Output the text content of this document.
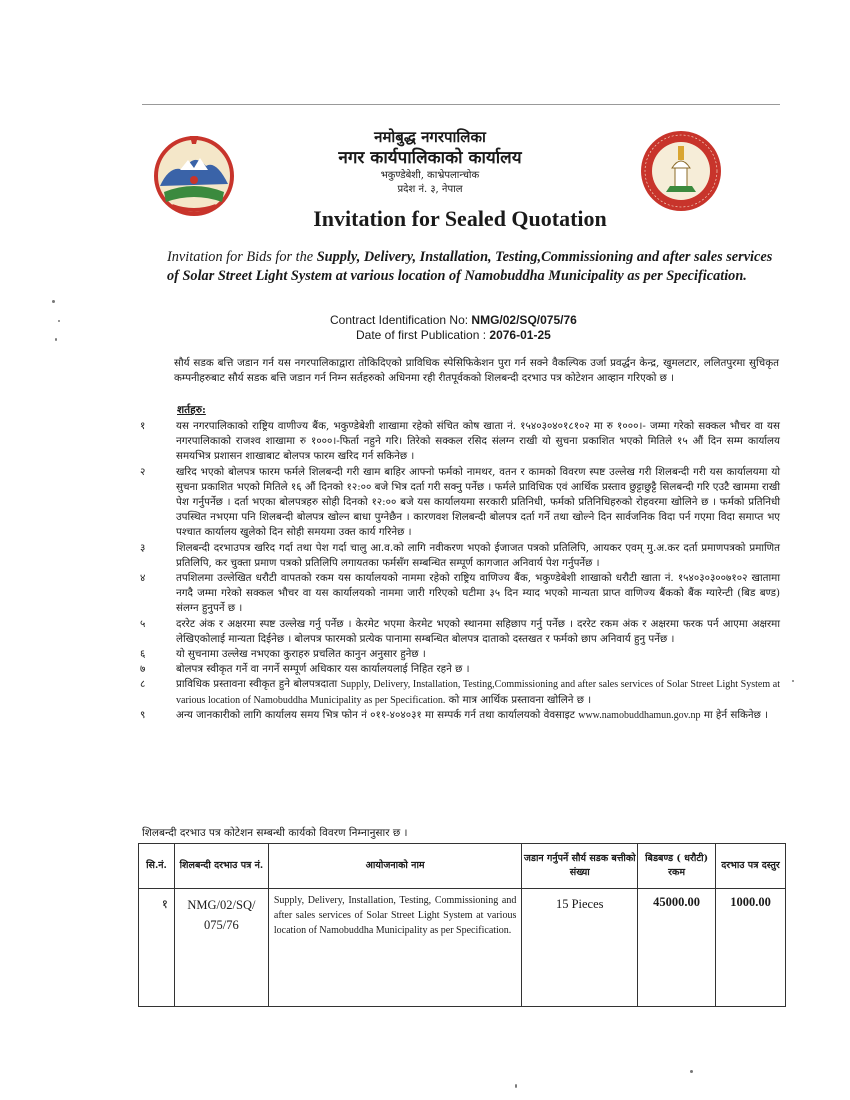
नमोबुद्ध नगरपालिका
नगर कार्यपालिकाको कार्यालय
भकुण्डेबेशी, काभ्रेपलान्चोक
प्रदेश नं. ३, नेपाल
Invitation for Sealed Quotation
Invitation for Bids for the Supply, Delivery, Installation, Testing,Commissioning and after sales services of Solar Street Light System at various location of Namobuddha Municipality as per Specification.
Contract Identification No: NMG/02/SQ/075/76
Date of first Publication : 2076-01-25
सौर्य सडक बत्ति जडान गर्न यस नगरपालिकाद्वारा तोकिदिएको प्राविधिक स्पेसिफिकेशन पुरा गर्न सक्ने वैकल्पिक उर्जा प्रवर्द्धन केन्द्र, खुमलटार, ललितपुरमा सुचिकृत कम्पनीहरुबाट सौर्य सडक बत्ति जडान गर्न निम्न सर्तहरुको अधिनमा रही रीतपूर्वकको शिलबन्दी दरभाउ पत्र कोटेशन आव्हान गरिएको छ ।
शर्तहरु:
१	यस नगरपालिकाको राष्ट्रिय वाणीज्य बैंक, भकुण्डेबेशी शाखामा रहेको संचित कोष खाता नं. १५४०३०४०१८१०२ मा रु १०००।- जम्मा गरेको सक्कल भौचर वा यस नगरपालिकाको राजश्व शाखामा रु १०००।-फिर्ता नहुने गरि। तिरेको सक्कल रसिद संलग्न राखी यो सुचना प्रकाशित भएको मितिले १५ औं दिन सम्म कार्यालय समयभित्र प्रशासन शाखाबाट बोलपत्र फारम खरिद गर्न सकिनेछ ।
२	खरिद भएको बोलपत्र फारम फर्मले शिलबन्दी गरी खाम बाहिर आफ्नो फर्मको नामथर, वतन र कामको विवरण स्पष्ट उल्लेख गरी शिलबन्दी गरी यस कार्यालयमा यो सुचना प्रकाशित भएको मितिले १६ औं दिनको १२:०० बजे भित्र दर्ता गरी सक्नु पर्नेछ । फर्मले प्राविधिक एवं आर्थिक प्रस्ताव छुट्टाछुट्टै सिलबन्दी गरि एउटै खाममा राखी पेश गर्नुपर्नेछ । दर्ता भएका बोलपत्रहरु सोही दिनको १२:०० बजे यस कार्यालयमा सरकारी प्रतिनिधी, फर्मको प्रतिनिधिहरुको रोहवरमा खोलिने छ । फर्मको प्रतिनिधी उपस्थित नभएमा पनि शिलबन्दी बोलपत्र खोल्न बाधा पुग्नेछैन । कारणवश शिलबन्दी बोलपत्र दर्ता गर्ने तथा खोल्ने दिन सार्वजनिक विदा पर्न गएमा विदा समाप्त भए पश्चात कार्यालय खुलेको दिन सोही समयमा उक्त कार्य गरिनेछ ।
३	शिलबन्दी दरभाउपत्र खरिद गर्दा तथा पेश गर्दा चालु आ.व.को लागि नवीकरण भएको ईजाजत पत्रको प्रतिलिपि, आयकर एवम् मु.अ.कर दर्ता प्रमाणपत्रको प्रमाणित प्रतिलिपि, कर चुक्ता प्रमाण पत्रको प्रतिलिपि लगायतका फर्मसँग सम्बन्धित सम्पूर्ण कागजात अनिवार्य पेश गर्नुपर्नेछ ।
४	तपशिलमा उल्लेखित धरौटी वापतको रकम यस कार्यालयको नाममा रहेको राष्ट्रिय वाणिज्य बैंक, भकुण्डेबेशी शाखाको धरौटी खाता नं. १५४०३०३००७१०२ खातामा नगदै जम्मा गरेको सक्कल भौचर वा यस कार्यालयको नाममा जारी गरिएको घटीमा ३५ दिन म्याद भएको मान्यता प्राप्त वाणिज्य बैंकको बैंक ग्यारेन्टी (बिड बण्ड) संलग्न हुनुपर्ने छ ।
५	दररेट अंक र अक्षरमा स्पष्ट उल्लेख गर्नु पर्नेछ । केरमेट भएमा केरमेट भएको स्थानमा सहिछाप गर्नु पर्नेछ । दररेट रकम अंक र अक्षरमा फरक पर्न आएमा अक्षरमा लेखिएकोलाई मान्यता दिईनेछ । बोलपत्र फारमको प्रत्येक पानामा सम्बन्धित बोलपत्र दाताको दस्तखत र फर्मको छाप अनिवार्य हुनु पर्नेछ ।
६	यो सुचनामा उल्लेख नभएका कुराहरु प्रचलित कानुन अनुसार हुनेछ ।
७	बोलपत्र स्वीकृत गर्ने वा नगर्ने सम्पूर्ण अधिकार यस कार्यालयलाई निहित रहने छ ।
८	प्राविधिक प्रस्तावना स्वीकृत हुने बोलपत्रदाता Supply, Delivery, Installation, Testing,Commissioning and after sales services of Solar Street Light System at various location of Namobuddha Municipality as per Specification. को मात्र आर्थिक प्रस्तावना खोलिने छ ।
९	अन्य जानकारीको लागि कार्यालय समय भित्र फोन नं ०११-४०४०३१ मा सम्पर्क गर्न तथा कार्यालयको वेवसाइट www.namobuddhamun.gov.np मा हेर्न सकिनेछ ।
शिलबन्दी दरभाउ पत्र कोटेशन सम्बन्धी कार्यको विवरण निम्नानुसार छ ।
सि.नं.	शिलबन्दी दरभाउ पत्र नं.	आयोजनाको नाम	जडान गर्नुपर्ने सौर्य सडक बत्तीको संख्या	बिडबण्ड ( धरौटी) रकम	दरभाउ पत्र दस्तुर
१	NMG/02/SQ/ 075/76	Supply, Delivery, Installation, Testing, Commissioning and after sales services of Solar Street Light System at various location of Namobuddha Municipality as per Specification.	15 Pieces	45000.00	1000.00
